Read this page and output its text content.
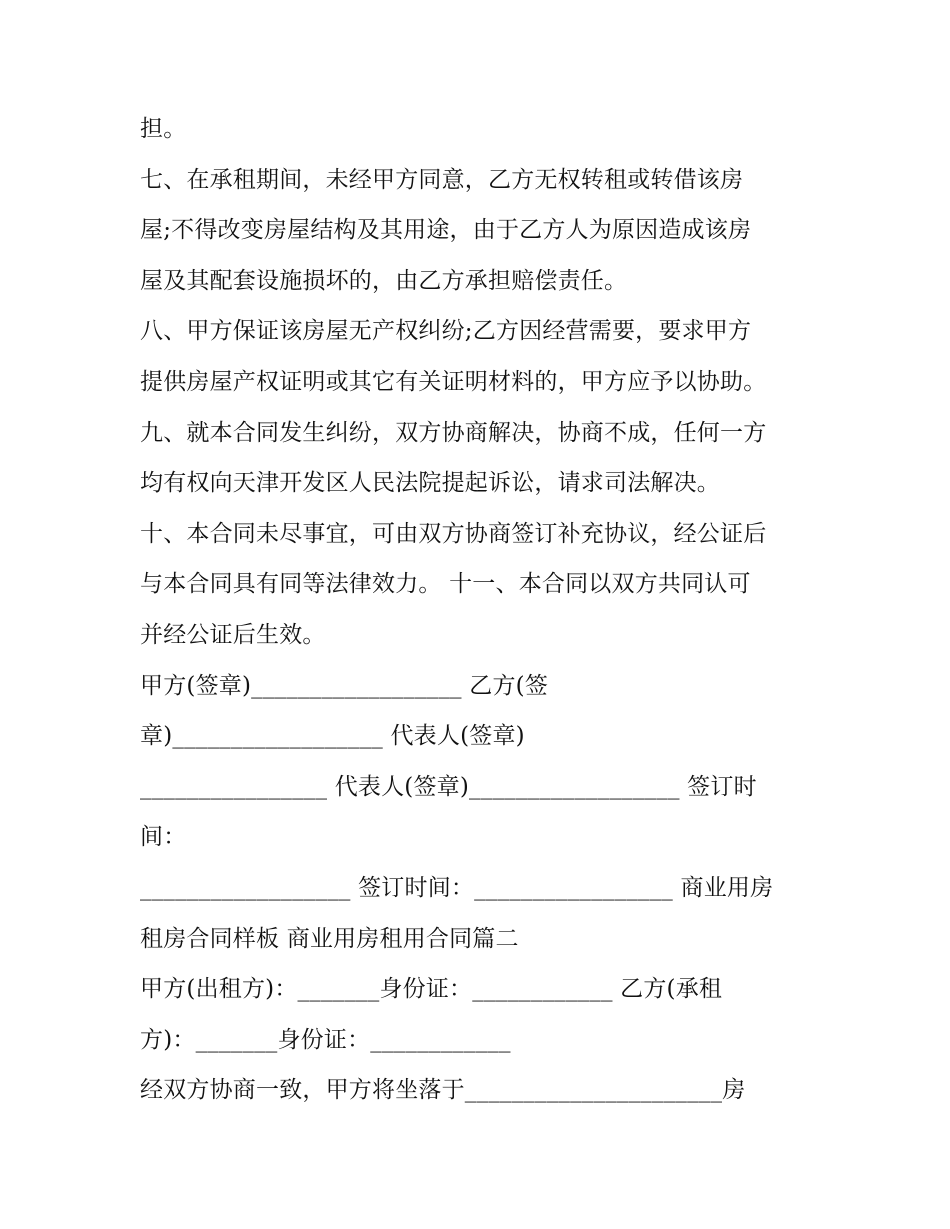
担。
七、在承租期间，未经甲方同意，乙方无权转租或转借该房
屋;不得改变房屋结构及其用途，由于乙方人为原因造成该房
屋及其配套设施损坏的，由乙方承担赔偿责任。
八、甲方保证该房屋无产权纠纷;乙方因经营需要，要求甲方
提供房屋产权证明或其它有关证明材料的，甲方应予以协助。
九、就本合同发生纠纷，双方协商解决，协商不成，任何一方
均有权向天津开发区人民法院提起诉讼，请求司法解决。
十、本合同未尽事宜，可由双方协商签订补充协议，经公证后
与本合同具有同等法律效力。 十一、本合同以双方共同认可
并经公证后生效。
甲方(签章)__________________ 乙方(签
章)__________________ 代表人(签章)
________________ 代表人(签章)__________________ 签订时
间：
__________________ 签订时间：_________________ 商业用房
租房合同样板 商业用房租用合同篇二
甲方(出租方)：_______身份证：____________ 乙方(承租
方)：_______身份证：____________
经双方协商一致，甲方将坐落于______________________房
